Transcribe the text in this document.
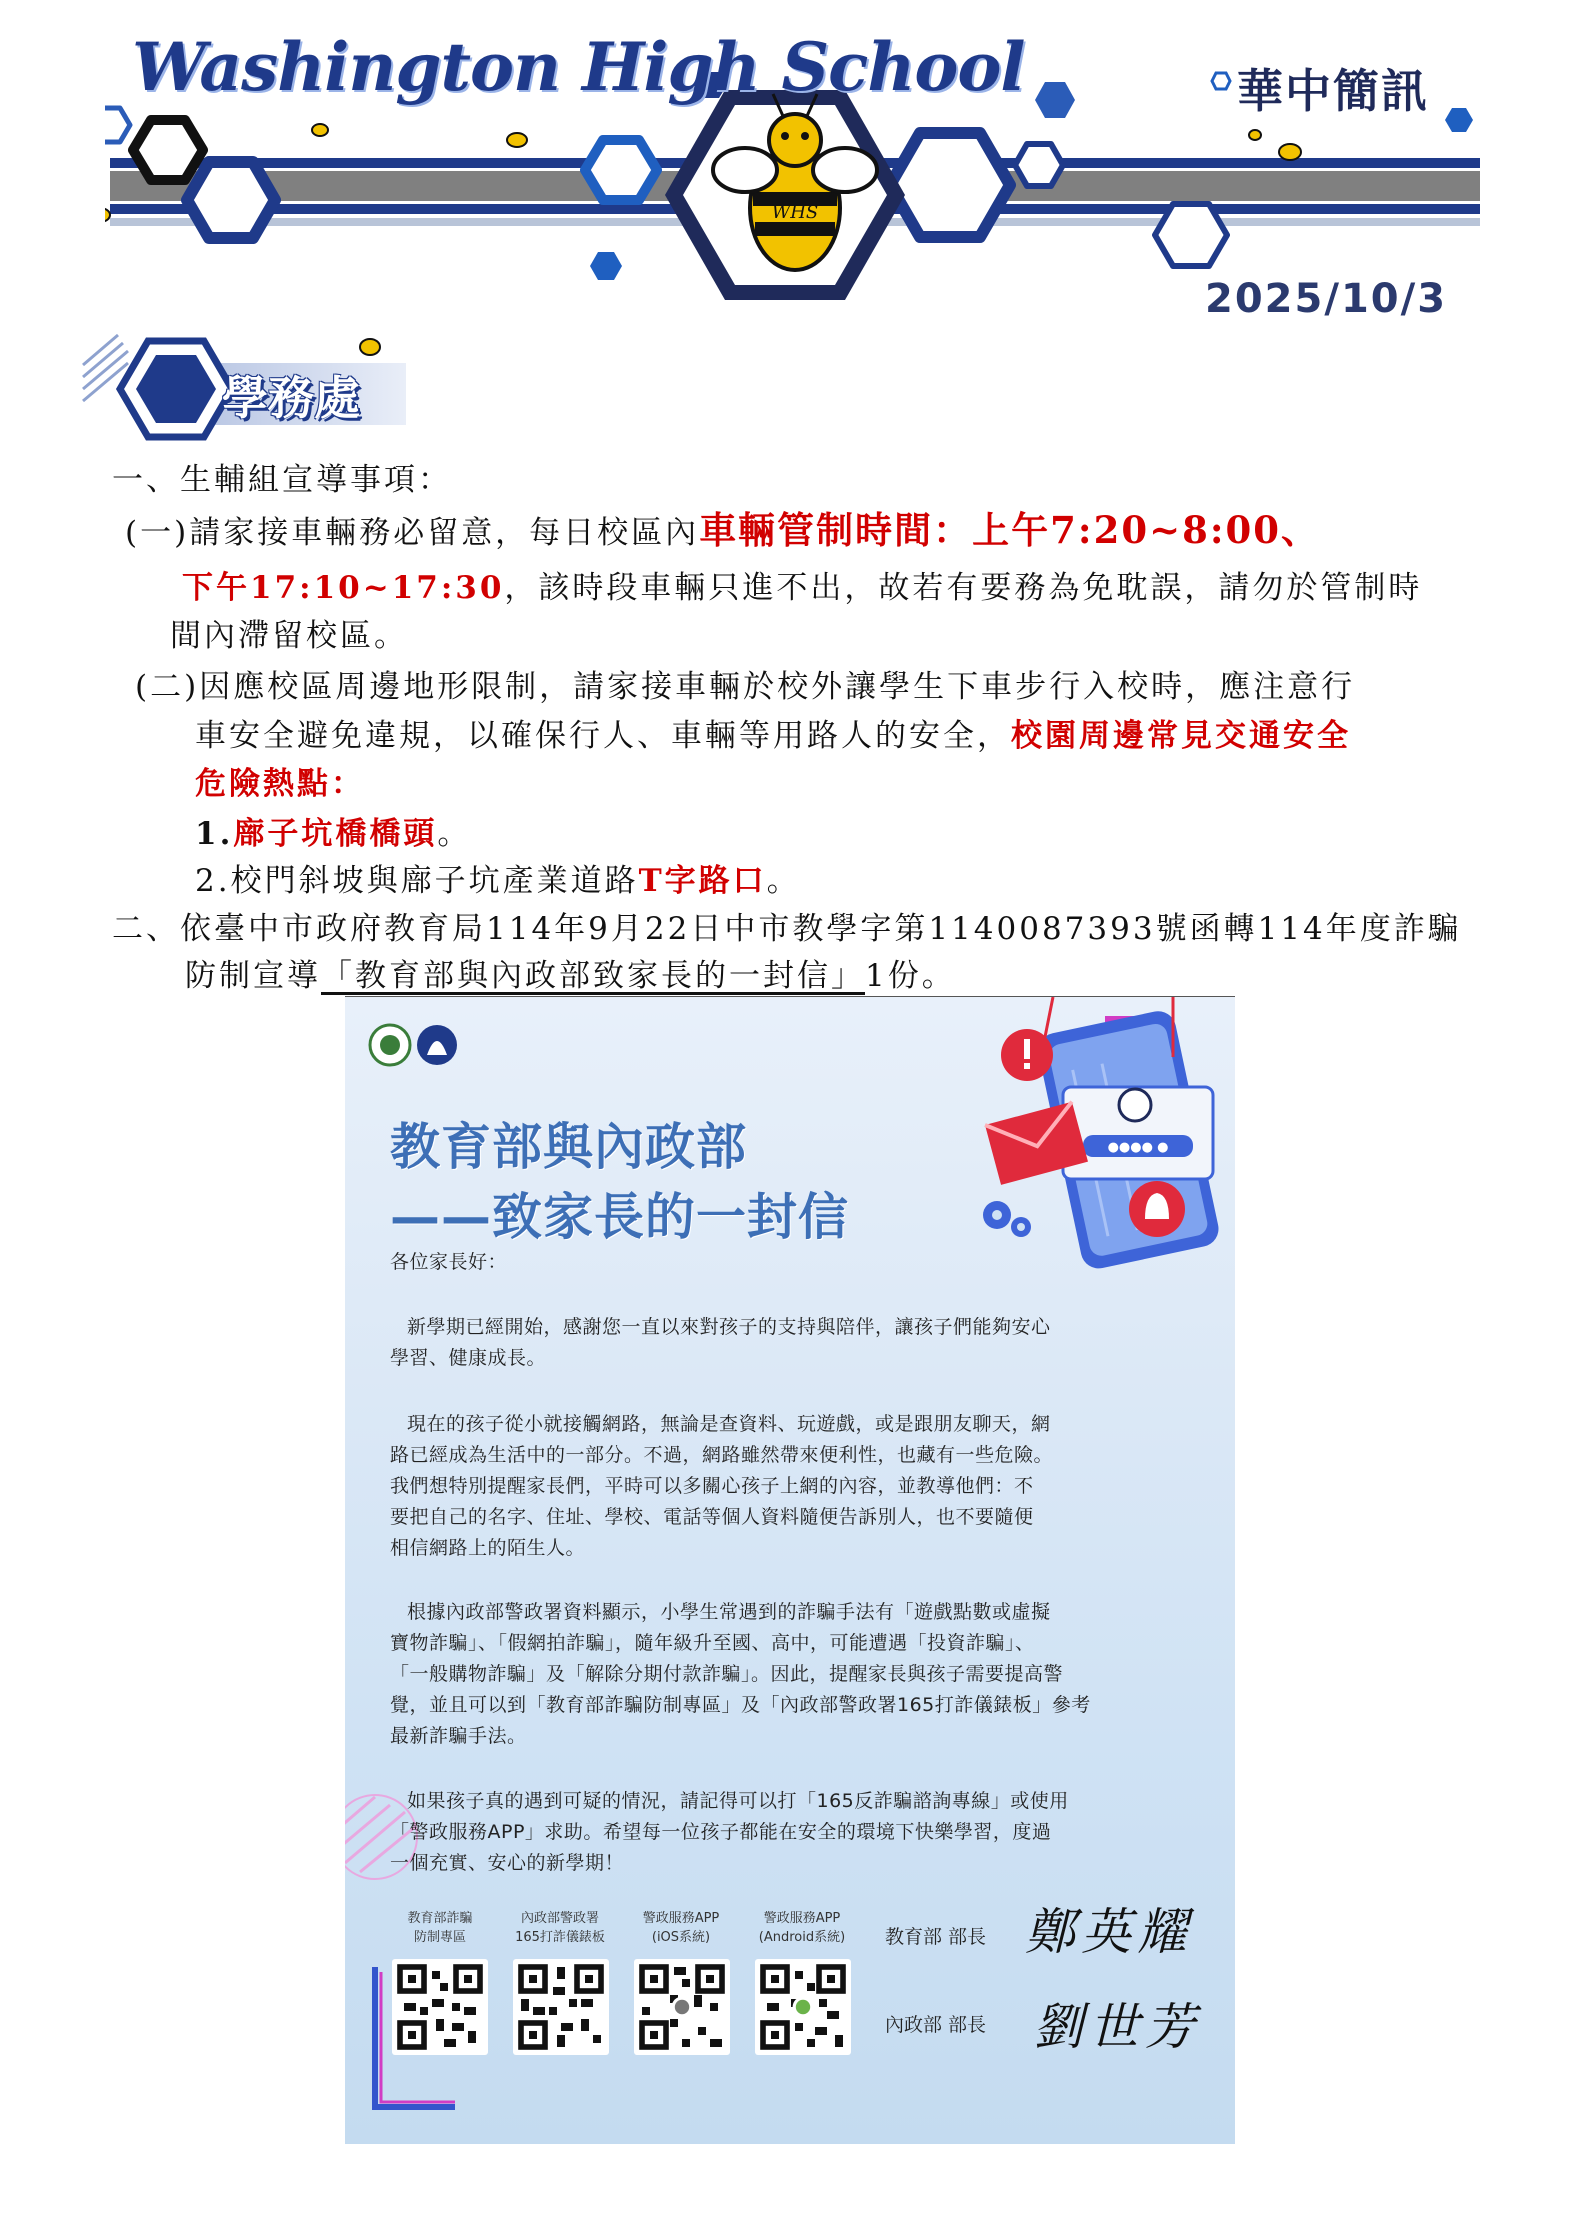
WHS
Washington High School	華中簡訊
2025/10/3
學務處
一、生輔組宣導事項：
(一)請家接車輛務必留意，每日校區內車輛管制時間：上午7:20~8:00、
下午17:10~17:30，該時段車輛只進不出，故若有要務為免耽誤，請勿於管制時
間內滯留校區。
(二)因應校區周邊地形限制，請家接車輛於校外讓學生下車步行入校時，應注意行
車安全避免違規，以確保行人、車輛等用路人的安全，校園周邊常見交通安全
危險熱點：
1.廍子坑橋橋頭。
2.校門斜坡與廍子坑產業道路T字路口。
二、依臺中市政府教育局114年9月22日中市教學字第1140087393號函轉114年度詐騙
防制宣導「教育部與內政部致家長的一封信」1份。
●●●● ●
教育部與內政部
——致家長的一封信
各位家長好：
新學期已經開始，感謝您一直以來對孩子的支持與陪伴，讓孩子們能夠安心
學習、健康成長。
現在的孩子從小就接觸網路，無論是查資料、玩遊戲，或是跟朋友聊天，網
路已經成為生活中的一部分。不過，網路雖然帶來便利性，也藏有一些危險。
我們想特別提醒家長們，平時可以多關心孩子上網的內容，並教導他們：不
要把自己的名字、住址、學校、電話等個人資料隨便告訴別人，也不要隨便
相信網路上的陌生人。
根據內政部警政署資料顯示，小學生常遇到的詐騙手法有「遊戲點數或虛擬
寶物詐騙」、「假網拍詐騙」，隨年級升至國、高中，可能遭遇「投資詐騙」、
「一般購物詐騙」及「解除分期付款詐騙」。因此，提醒家長與孩子需要提高警
覺，並且可以到「教育部詐騙防制專區」及「內政部警政署165打詐儀錶板」參考
最新詐騙手法。
如果孩子真的遇到可疑的情況，請記得可以打「165反詐騙諮詢專線」或使用
「警政服務APP」求助。希望每一位孩子都能在安全的環境下快樂學習，度過
一個充實、安心的新學期！
教育部詐騙
防制專區
內政部警政署
165打詐儀錶板
警政服務APP
(iOS系統)
警政服務APP
(Android系統)	教育部 部長 鄭英耀
內政部 部長 劉世芳
